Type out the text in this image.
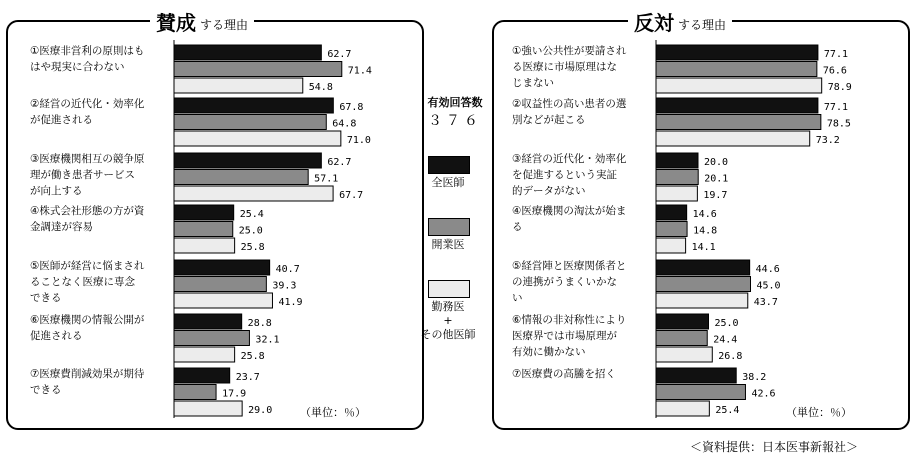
賛成 する理由	反対 する理由
①医療非営利の原則はも
はや現実に合わない
②経営の近代化・効率化
が促進される
③医療機関相互の競争原
理が働き患者サービス
が向上する
④株式会社形態の方が資
金調達が容易
⑤医師が経営に悩まされ
ることなく医療に専念
できる
⑥医療機関の情報公開が
促進される
⑦医療費削減効果が期待
できる
①強い公共性が要請され
る医療に市場原理はな
じまない
②収益性の高い患者の選
別などが起こる
③経営の近代化・効率化
を促進するという実証
的データがない
④医療機関の淘汰が始ま
る
⑤経営陣と医療関係者と
の連携がうまくいかな
い
⑥情報の非対称性により
医療界では市場原理が
有効に働かない
⑦医療費の高騰を招く
（単位：％）	（単位：％）
有効回答数
３７６
全医師
開業医
勤務医
+
その他医師
62.7
71.4
54.8
67.8
64.8
71.0
62.7
57.1
67.7
25.4
25.0
25.8
40.7
39.3
41.9
28.8
32.1
25.8
23.7
17.9
29.0
77.1
76.6
78.9
77.1
78.5
73.2
20.0
20.1
19.7
14.6
14.8
14.1
44.6
45.0
43.7
25.0
24.4
26.8
38.2
42.6
25.4
＜資料提供：日本医事新報社＞
